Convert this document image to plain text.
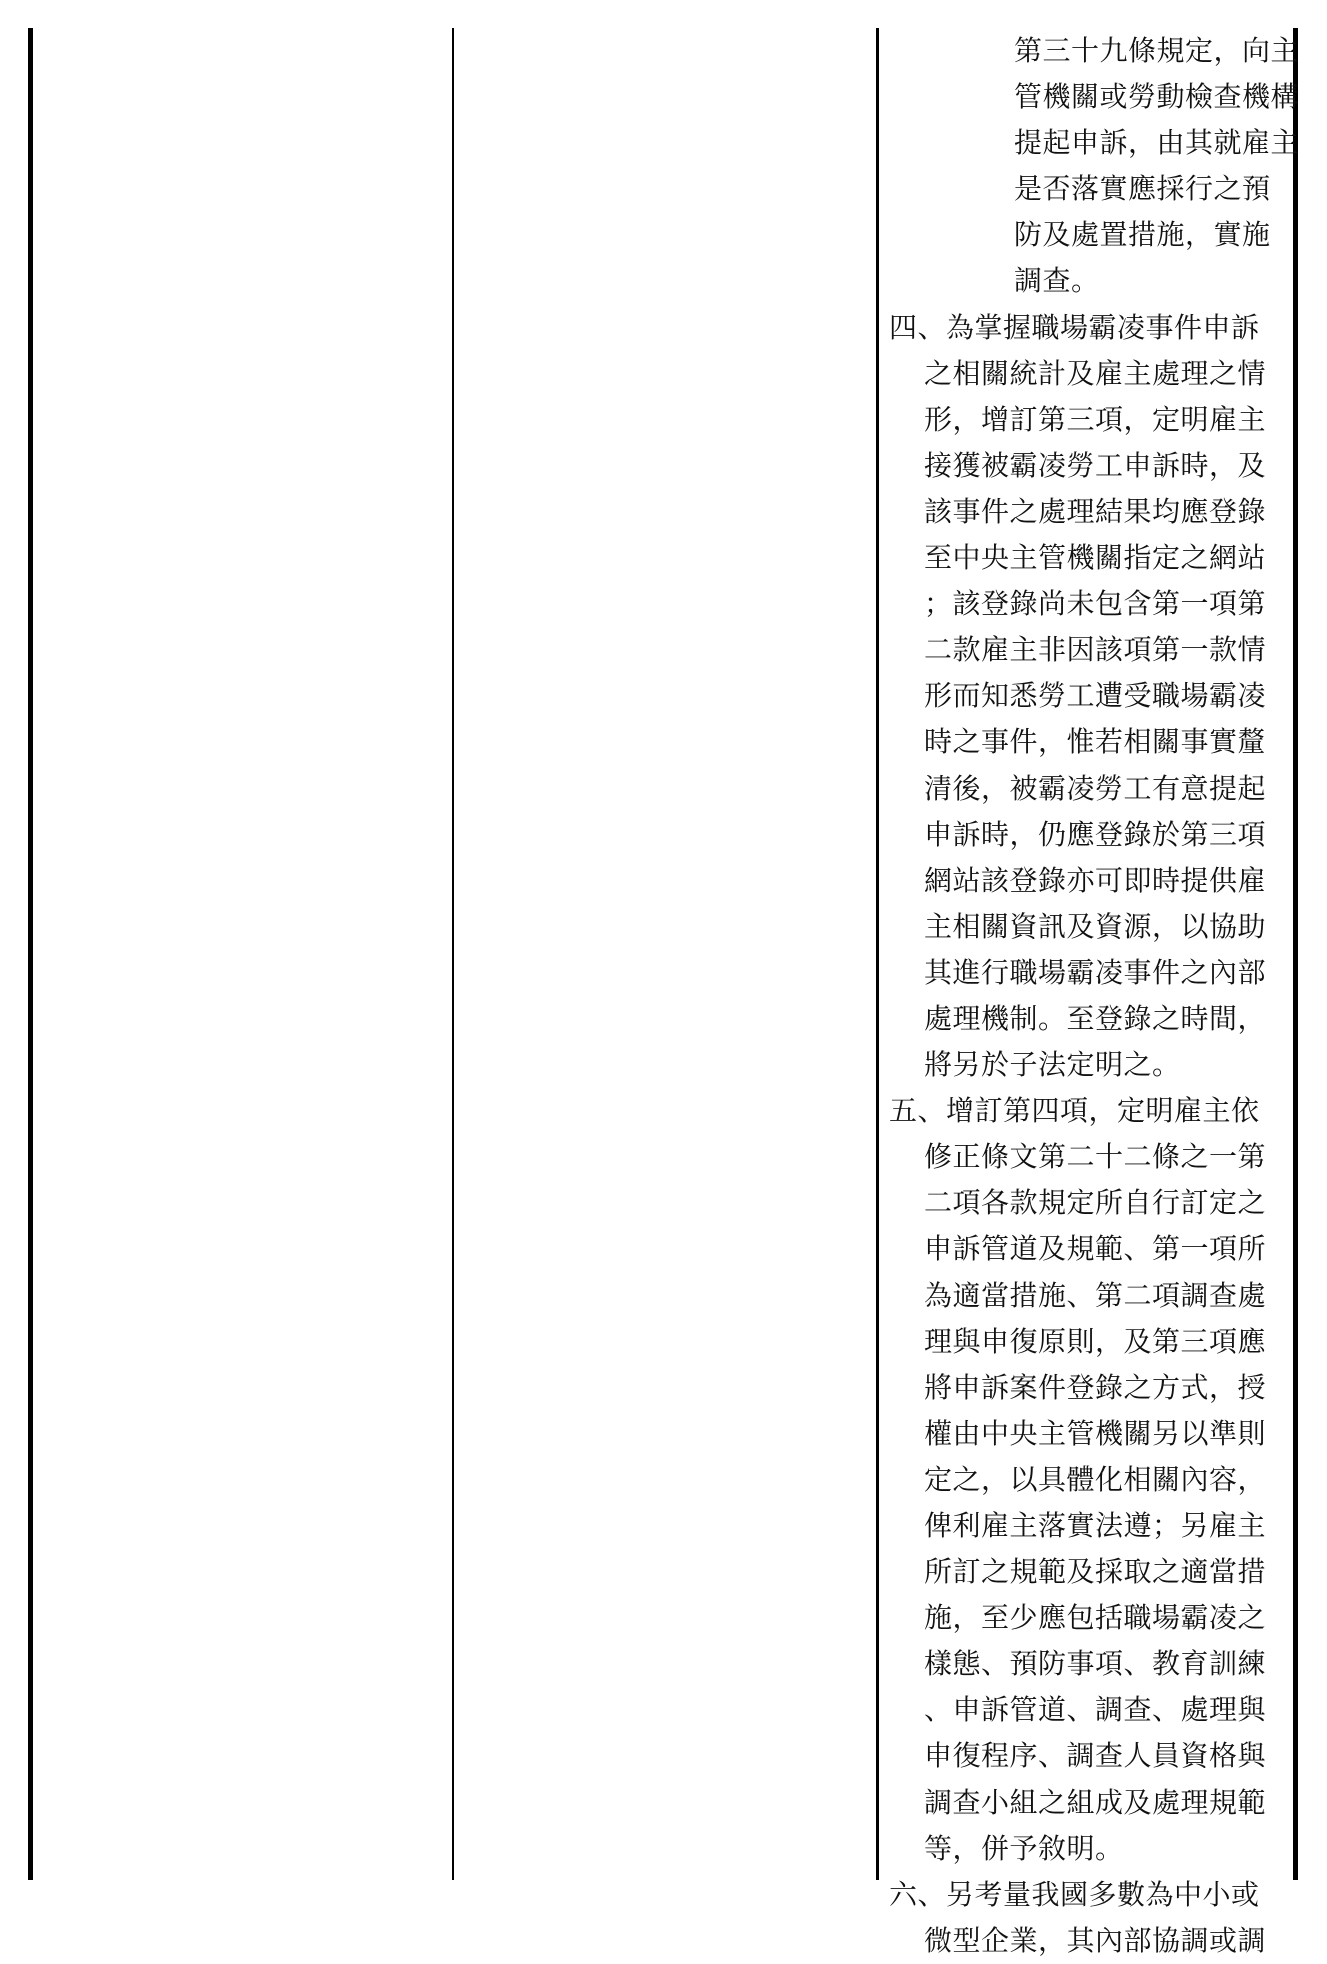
第三十九條規定，向主
管機關或勞動檢查機構
提起申訴，由其就雇主
是否落實應採行之預
防及處置措施，實施
調查。
四、為掌握職場霸凌事件申訴
之相關統計及雇主處理之情
形，增訂第三項，定明雇主
接獲被霸凌勞工申訴時，及
該事件之處理結果均應登錄
至中央主管機關指定之網站
；該登錄尚未包含第一項第
二款雇主非因該項第一款情
形而知悉勞工遭受職場霸凌
時之事件，惟若相關事實釐
清後，被霸凌勞工有意提起
申訴時，仍應登錄於第三項
網站該登錄亦可即時提供雇
主相關資訊及資源，以協助
其進行職場霸凌事件之內部
處理機制。至登錄之時間，
將另於子法定明之。
五、增訂第四項，定明雇主依
修正條文第二十二條之一第
二項各款規定所自行訂定之
申訴管道及規範、第一項所
為適當措施、第二項調查處
理與申復原則，及第三項應
將申訴案件登錄之方式，授
權由中央主管機關另以準則
定之，以具體化相關內容，
俾利雇主落實法遵；另雇主
所訂之規範及採取之適當措
施，至少應包括職場霸凌之
樣態、預防事項、教育訓練
、申訴管道、調查、處理與
申復程序、調查人員資格與
調查小組之組成及處理規範
等，併予敘明。
六、另考量我國多數為中小或
微型企業，其內部協調或調
